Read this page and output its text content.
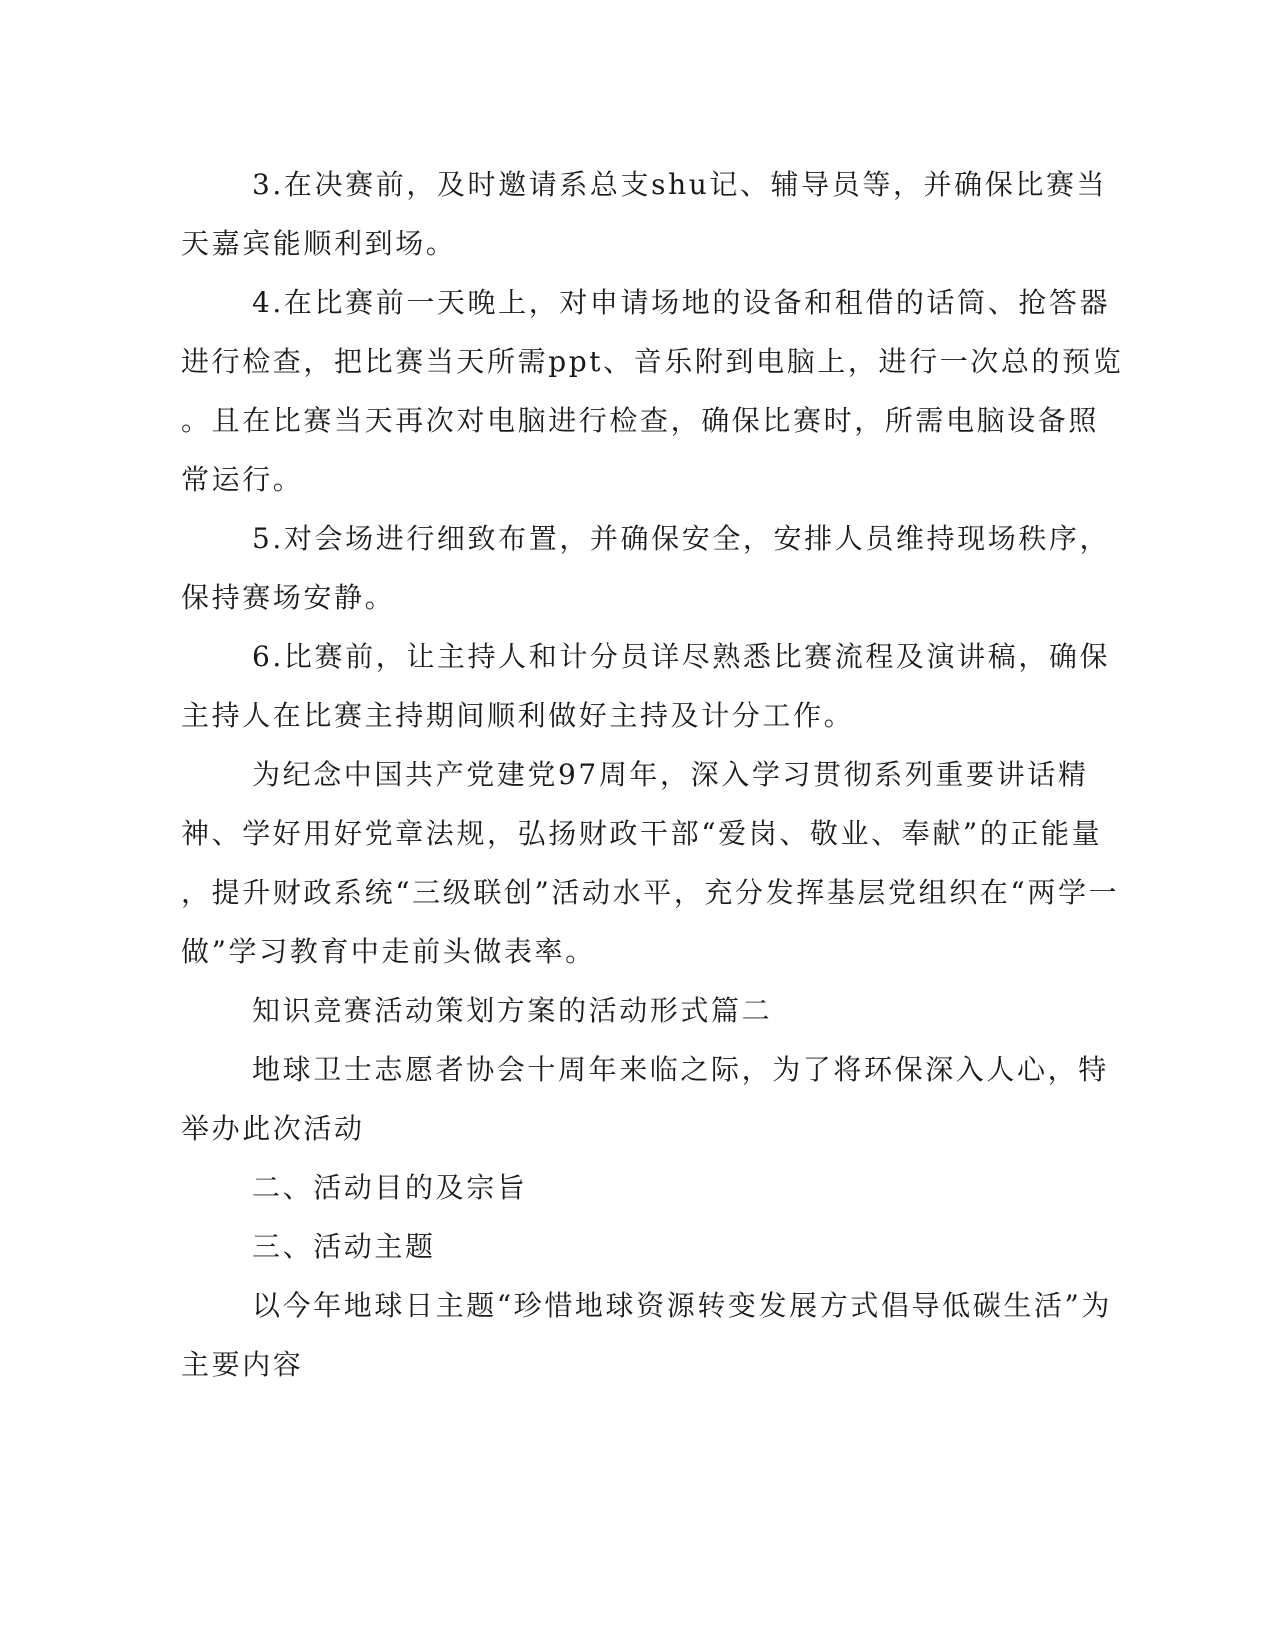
3.在决赛前，及时邀请系总支shu记、辅导员等，并确保比赛当
天嘉宾能顺利到场。
4.在比赛前一天晚上，对申请场地的设备和租借的话筒、抢答器
进行检查，把比赛当天所需ppt、音乐附到电脑上，进行一次总的预览
。且在比赛当天再次对电脑进行检查，确保比赛时，所需电脑设备照
常运行。
5.对会场进行细致布置，并确保安全，安排人员维持现场秩序，
保持赛场安静。
6.比赛前，让主持人和计分员详尽熟悉比赛流程及演讲稿，确保
主持人在比赛主持期间顺利做好主持及计分工作。
为纪念中国共产党建党97周年，深入学习贯彻系列重要讲话精
神、学好用好党章法规，弘扬财政干部“爱岗、敬业、奉献”的正能量
，提升财政系统“三级联创”活动水平，充分发挥基层党组织在“两学一
做”学习教育中走前头做表率。
知识竞赛活动策划方案的活动形式篇二
地球卫士志愿者协会十周年来临之际，为了将环保深入人心，特
举办此次活动
二、活动目的及宗旨
三、活动主题
以今年地球日主题“珍惜地球资源转变发展方式倡导低碳生活”为
主要内容
